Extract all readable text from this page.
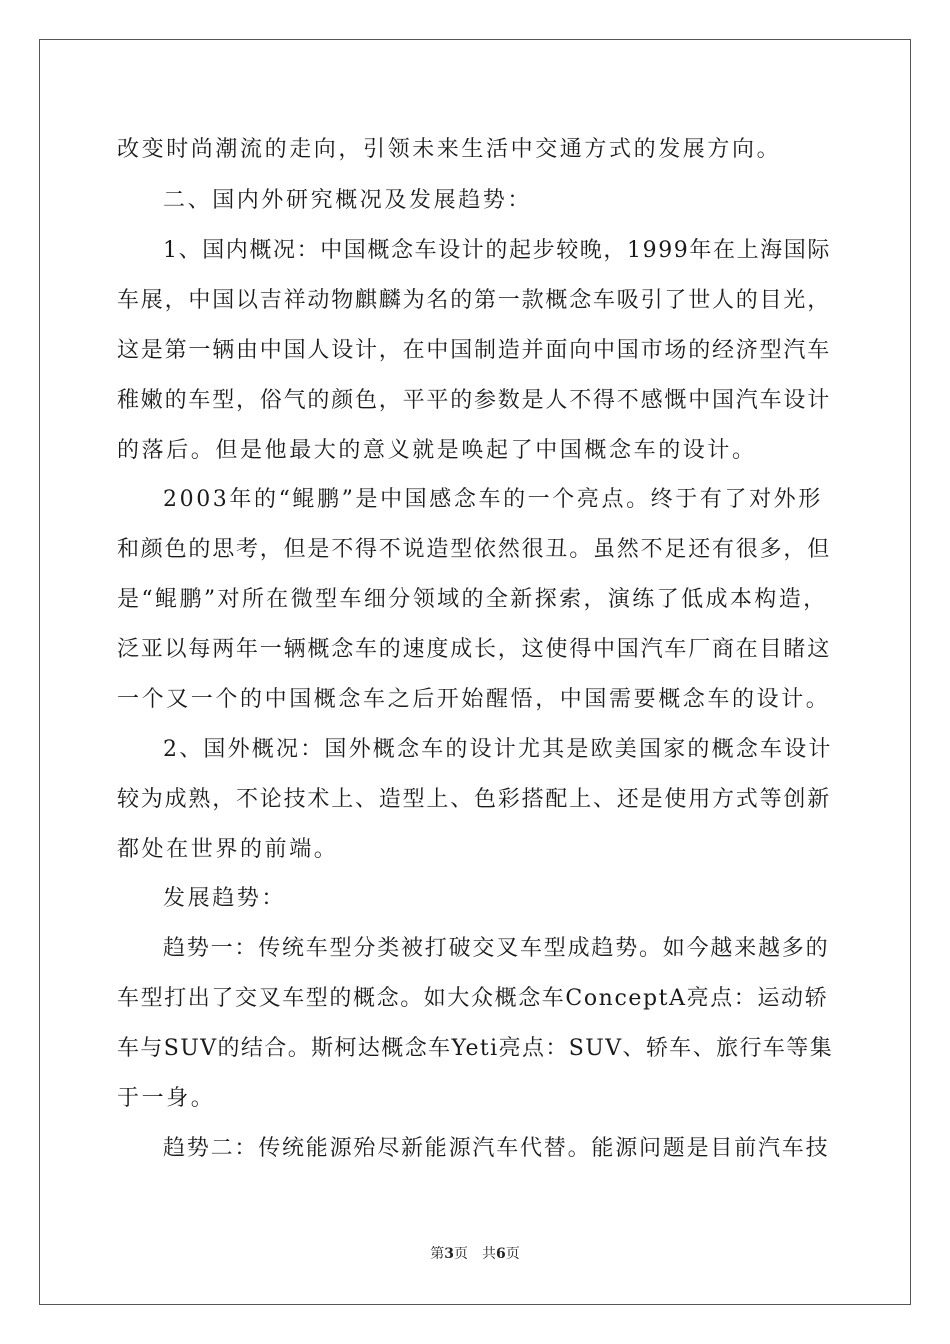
改变时尚潮流的走向，引领未来生活中交通方式的发展方向。
二、国内外研究概况及发展趋势：
1、国内概况：中国概念车设计的起步较晚，1999年在上海国际
车展，中国以吉祥动物麒麟为名的第一款概念车吸引了世人的目光，
这是第一辆由中国人设计，在中国制造并面向中国市场的经济型汽车
稚嫩的车型，俗气的颜色，平平的参数是人不得不感慨中国汽车设计
的落后。但是他最大的意义就是唤起了中国概念车的设计。
2003年的“鲲鹏”是中国感念车的一个亮点。终于有了对外形
和颜色的思考，但是不得不说造型依然很丑。虽然不足还有很多，但
是“鲲鹏”对所在微型车细分领域的全新探索，演练了低成本构造，
泛亚以每两年一辆概念车的速度成长，这使得中国汽车厂商在目睹这
一个又一个的中国概念车之后开始醒悟，中国需要概念车的设计。
2、国外概况：国外概念车的设计尤其是欧美国家的概念车设计
较为成熟，不论技术上、造型上、色彩搭配上、还是使用方式等创新
都处在世界的前端。
发展趋势：
趋势一：传统车型分类被打破交叉车型成趋势。如今越来越多的
车型打出了交叉车型的概念。如大众概念车ConceptA亮点：运动轿
车与SUV的结合。斯柯达概念车Yeti亮点：SUV、轿车、旅行车等集
于一身。
趋势二：传统能源殆尽新能源汽车代替。能源问题是目前汽车技
第3页 共6页
